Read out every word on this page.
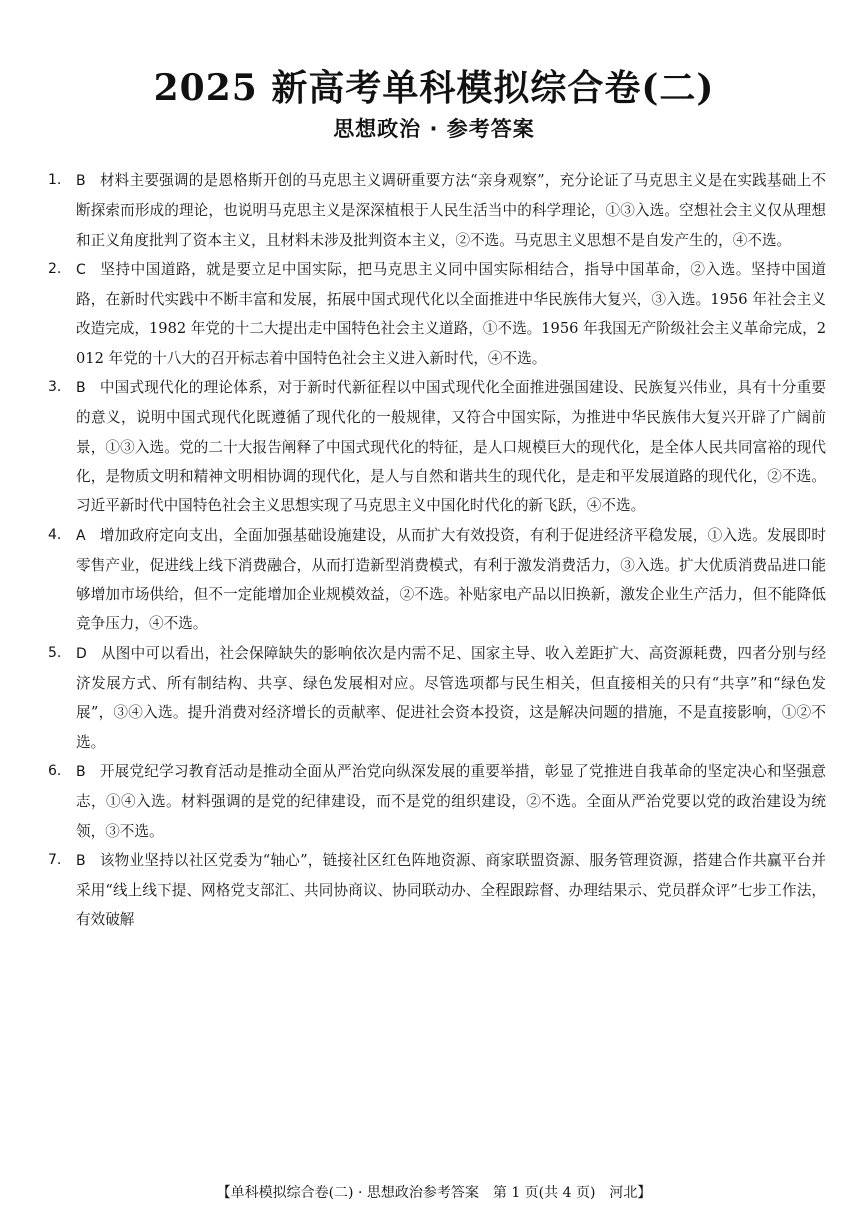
2025 新高考单科模拟综合卷(二)
思想政治 · 参考答案
1. B 材料主要强调的是恩格斯开创的马克思主义调研重要方法“亲身观察”，充分论证了马克思主义是在实践基础上不断探索而形成的理论，也说明马克思主义是深深植根于人民生活当中的科学理论，①③入选。空想社会主义仅从理想和正义角度批判了资本主义，且材料未涉及批判资本主义，②不选。马克思主义思想不是自发产生的，④不选。
2. C 坚持中国道路，就是要立足中国实际，把马克思主义同中国实际相结合，指导中国革命，②入选。坚持中国道路，在新时代实践中不断丰富和发展，拓展中国式现代化以全面推进中华民族伟大复兴，③入选。1956 年社会主义改造完成，1982 年党的十二大提出走中国特色社会主义道路，①不选。1956 年我国无产阶级社会主义革命完成，2012 年党的十八大的召开标志着中国特色社会主义进入新时代，④不选。
3. B 中国式现代化的理论体系，对于新时代新征程以中国式现代化全面推进强国建设、民族复兴伟业，具有十分重要的意义，说明中国式现代化既遵循了现代化的一般规律，又符合中国实际，为推进中华民族伟大复兴开辟了广阔前景，①③入选。党的二十大报告阐释了中国式现代化的特征，是人口规模巨大的现代化，是全体人民共同富裕的现代化，是物质文明和精神文明相协调的现代化，是人与自然和谐共生的现代化，是走和平发展道路的现代化，②不选。习近平新时代中国特色社会主义思想实现了马克思主义中国化时代化的新飞跃，④不选。
4. A 增加政府定向支出，全面加强基础设施建设，从而扩大有效投资，有利于促进经济平稳发展，①入选。发展即时零售产业，促进线上线下消费融合，从而打造新型消费模式，有利于激发消费活力，③入选。扩大优质消费品进口能够增加市场供给，但不一定能增加企业规模效益，②不选。补贴家电产品以旧换新，激发企业生产活力，但不能降低竞争压力，④不选。
5. D 从图中可以看出，社会保障缺失的影响依次是内需不足、国家主导、收入差距扩大、高资源耗费，四者分别与经济发展方式、所有制结构、共享、绿色发展相对应。尽管选项都与民生相关，但直接相关的只有“共享”和“绿色发展”，③④入选。提升消费对经济增长的贡献率、促进社会资本投资，这是解决问题的措施，不是直接影响，①②不选。
6. B 开展党纪学习教育活动是推动全面从严治党向纵深发展的重要举措，彰显了党推进自我革命的坚定决心和坚强意志，①④入选。材料强调的是党的纪律建设，而不是党的组织建设，②不选。全面从严治党要以党的政治建设为统领，③不选。
7. B 该物业坚持以社区党委为“轴心”，链接社区红色阵地资源、商家联盟资源、服务管理资源，搭建合作共赢平台并采用“线上线下提、网格党支部汇、共同协商议、协同联动办、全程跟踪督、办理结果示、党员群众评”七步工作法，有效破解
【单科模拟综合卷(二) · 思想政治参考答案　第 1 页(共 4 页)　河北】
